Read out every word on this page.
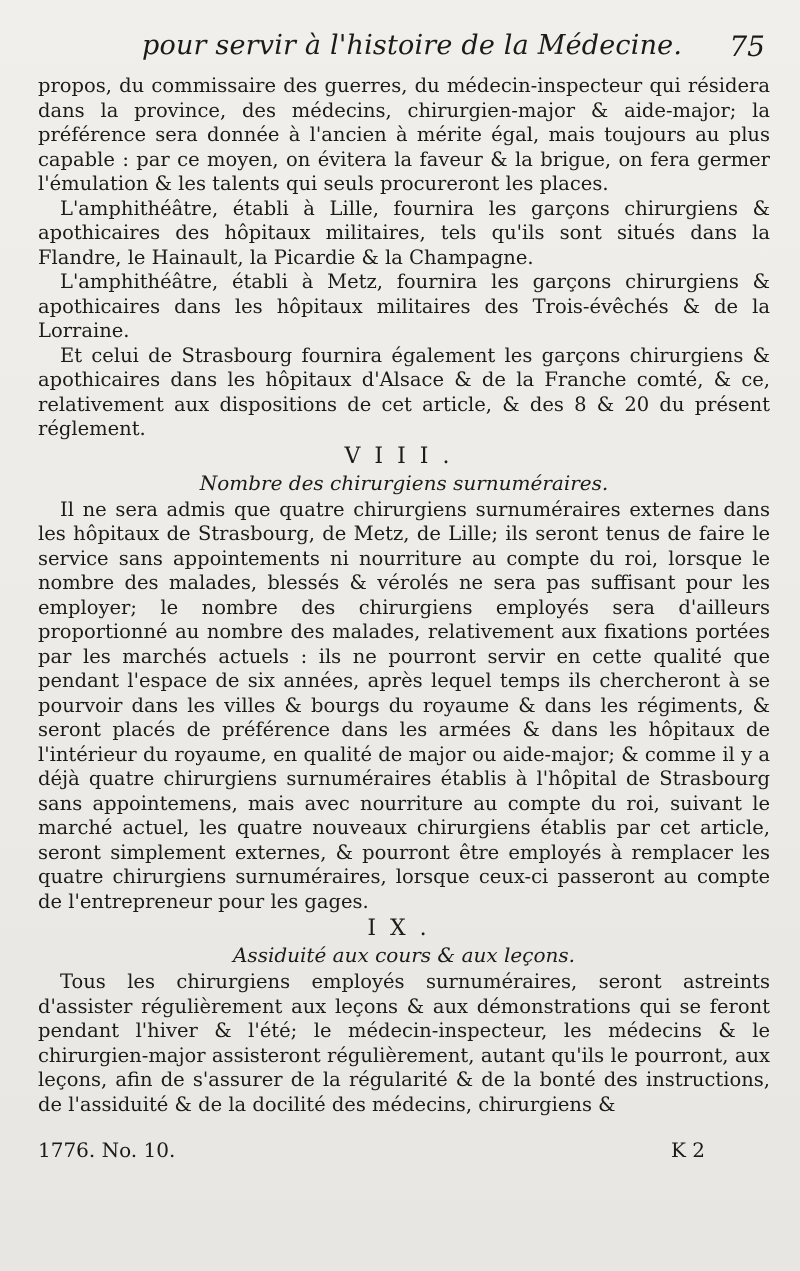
pour servir à l'histoire de la Médecine. 75

propos, du commissaire des guerres, du médecin-inspecteur qui résidera dans la province, des médecins, chirurgien-major & aide-major; la préférence sera donnée à l'ancien à mérite égal, mais toujours au plus capable : par ce moyen, on évitera la faveur & la brigue, on fera germer l'émulation & les talents qui seuls procureront les places.

L'amphithéâtre, établi à Lille, fournira les garçons chirurgiens & apothicaires des hôpitaux militaires, tels qu'ils sont situés dans la Flandre, le Hainault, la Picardie & la Champagne.

L'amphithéâtre, établi à Metz, fournira les garçons chirurgiens & apothicaires dans les hôpitaux militaires des Trois-évêchés & de la Lorraine.

Et celui de Strasbourg fournira également les garçons chirurgiens & apothicaires dans les hôpitaux d'Alsace & de la Franche comté, & ce, relativement aux dispositions de cet article, & des 8 & 20 du présent réglement.

VIII.
Nombre des chirurgiens surnuméraires.

Il ne sera admis que quatre chirurgiens surnuméraires externes dans les hôpitaux de Strasbourg, de Metz, de Lille; ils seront tenus de faire le service sans appointements ni nourriture au compte du roi, lorsque le nombre des malades, blessés & vérolés ne sera pas suffisant pour les employer; le nombre des chirurgiens employés sera d'ailleurs proportionné au nombre des malades, relativement aux fixations portées par les marchés actuels : ils ne pourront servir en cette qualité que pendant l'espace de six années, après lequel temps ils chercheront à se pourvoir dans les villes & bourgs du royaume & dans les régiments, & seront placés de préférence dans les armées & dans les hôpitaux de l'intérieur du royaume, en qualité de major ou aide-major; & comme il y a déjà quatre chirurgiens surnuméraires établis à l'hôpital de Strasbourg sans appointemens, mais avec nourriture au compte du roi, suivant le marché actuel, les quatre nouveaux chirurgiens établis par cet article, seront simplement externes, & pourront être employés à remplacer les quatre chirurgiens surnuméraires, lorsque ceux-ci passeront au compte de l'entrepreneur pour les gages.

IX.
Assiduité aux cours & aux leçons.

Tous les chirurgiens employés surnuméraires, seront astreints d'assister régulièrement aux leçons & aux démonstrations qui se feront pendant l'hiver & l'été; le médecin-inspecteur, les médecins & le chirurgien-major assisteront régulièrement, autant qu'ils le pourront, aux leçons, afin de s'assurer de la régularité & de la bonté des instructions, de l'assiduité & de la docilité des médecins, chirurgiens &

1776. No. 10.	K 2
